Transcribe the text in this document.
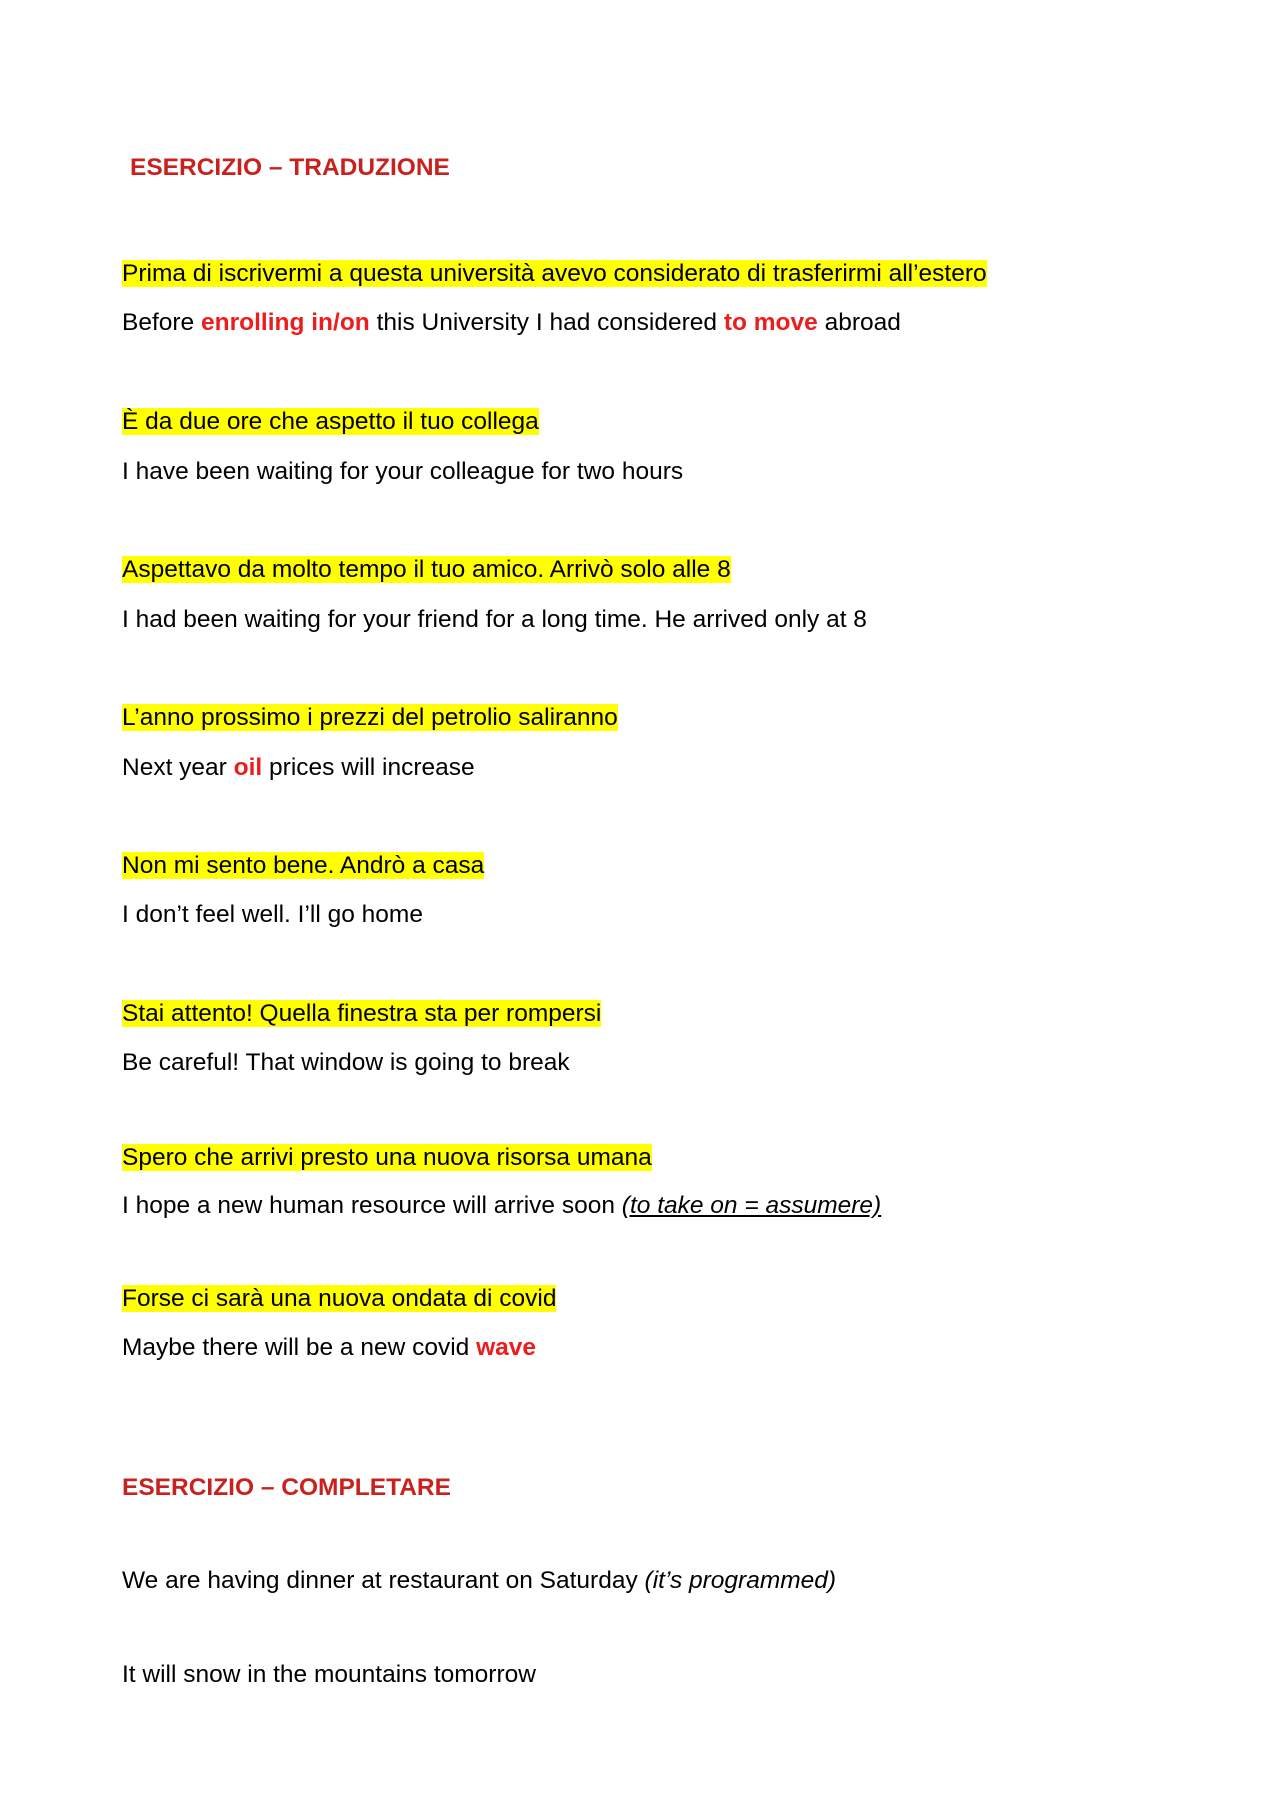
ESERCIZIO – TRADUZIONE
Prima di iscrivermi a questa università avevo considerato di trasferirmi all’estero
Before enrolling in/on this University I had considered to move abroad
È da due ore che aspetto il tuo collega
I have been waiting for your colleague for two hours
Aspettavo da molto tempo il tuo amico. Arrivò solo alle 8
I had been waiting for your friend for a long time. He arrived only at 8
L’anno prossimo i prezzi del petrolio saliranno
Next year oil prices will increase
Non mi sento bene. Andrò a casa
I don’t feel well. I’ll go home
Stai attento! Quella finestra sta per rompersi
Be careful! That window is going to break
Spero che arrivi presto una nuova risorsa umana
I hope a new human resource will arrive soon (to take on = assumere)
Forse ci sarà una nuova ondata di covid
Maybe there will be a new covid wave
ESERCIZIO – COMPLETARE
We are having dinner at restaurant on Saturday (it’s programmed)
It will snow in the mountains tomorrow
